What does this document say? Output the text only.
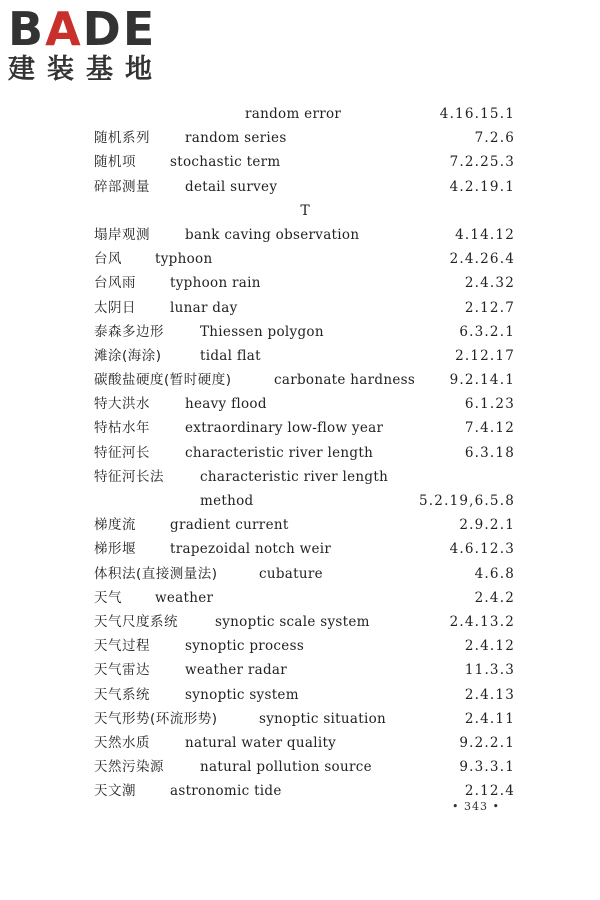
BADE
建装基地
random error	4.16.15.1
随机系列	random series	7.2.6
随机项	stochastic term	7.2.25.3
碎部测量	detail survey	4.2.19.1
T
塌岸观测	bank caving observation	4.14.12
台风 typhoon	2.4.26.4
台风雨	typhoon rain	2.4.32
太阴日	lunar day	2.12.7
泰森多边形	Thiessen polygon	6.3.2.1
滩涂(海涂)	tidal flat	2.12.17
碳酸盐硬度(暂时硬度)	carbonate hardness	9.2.14.1
特大洪水	heavy flood	6.1.23
特枯水年	extraordinary low-flow year	7.4.12
特征河长	characteristic river length	6.3.18
特征河长法	characteristic river length
method	5.2.19,6.5.8
梯度流	gradient current	2.9.2.1
梯形堰	trapezoidal notch weir	4.6.12.3
体积法(直接测量法)	cubature	4.6.8
天气 weather	2.4.2
天气尺度系统	synoptic scale system	2.4.13.2
天气过程	synoptic process	2.4.12
天气雷达	weather radar	11.3.3
天气系统	synoptic system	2.4.13
天气形势(环流形势)	synoptic situation	2.4.11
天然水质	natural water quality	9.2.2.1
天然污染源	natural pollution source	9.3.3.1
天文潮	astronomic tide	2.12.4
• 343 •
